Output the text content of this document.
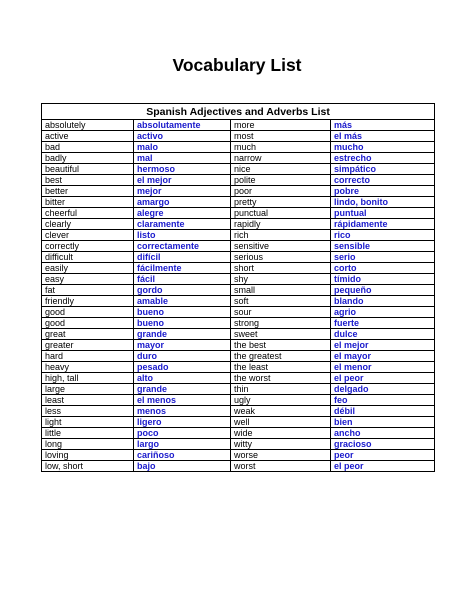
Vocabulary List
Spanish Adjectives and Adverbs List			
absolutely	absolutamente	more	más
active	activo	most	el más
bad	malo	much	mucho
badly	mal	narrow	estrecho
beautiful	hermoso	nice	simpático
best	el mejor	polite	correcto
better	mejor	poor	pobre
bitter	amargo	pretty	lindo, bonito
cheerful	alegre	punctual	puntual
clearly	claramente	rapidly	rápidamente
clever	listo	rich	rico
correctly	correctamente	sensitive	sensible
difficult	difícil	serious	serio
easily	fácilmente	short	corto
easy	fácil	shy	tímido
fat	gordo	small	pequeño
friendly	amable	soft	blando
good	bueno	sour	agrio
good	bueno	strong	fuerte
great	grande	sweet	dulce
greater	mayor	the best	el mejor
hard	duro	the greatest	el mayor
heavy	pesado	the least	el menor
high, tall	alto	the worst	el peor
large	grande	thin	delgado
least	el menos	ugly	feo
less	menos	weak	débil
light	ligero	well	bien
little	poco	wide	ancho
long	largo	witty	gracioso
loving	cariñoso	worse	peor
low, short	bajo	worst	el peor
